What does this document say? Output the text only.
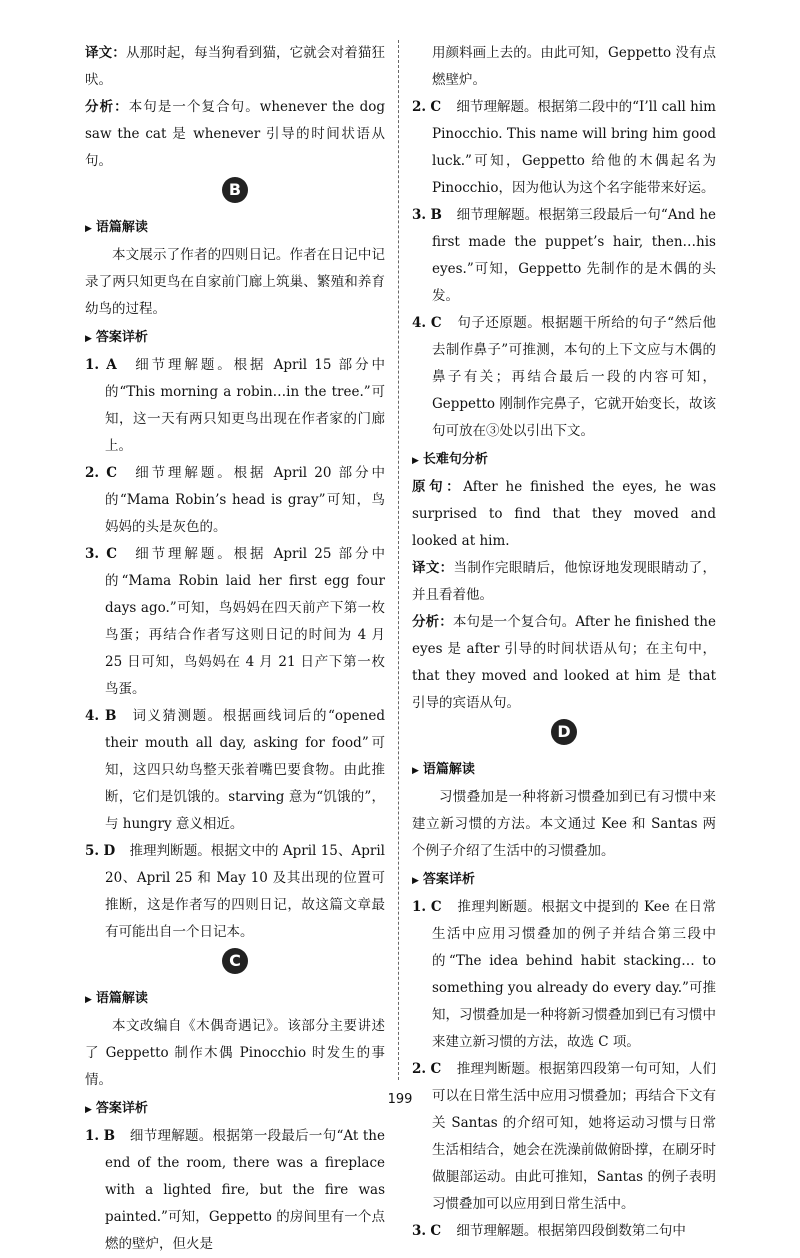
译文：从那时起，每当狗看到猫，它就会对着猫狂吠。

分析：本句是一个复合句。whenever the dog saw the cat 是 whenever 引导的时间状语从句。

B
▶ 语篇解读

本文展示了作者的四则日记。作者在日记中记录了两只知更鸟在自家前门廊上筑巢、繁殖和养育幼鸟的过程。

▶ 答案详析

1. A 细节理解题。根据 April 15 部分中的“This morning a robin…in the tree.”可知，这一天有两只知更鸟出现在作者家的门廊上。

2. C 细节理解题。根据 April 20 部分中的“Mama Robin’s head is gray”可知，鸟妈妈的头是灰色的。

3. C 细节理解题。根据 April 25 部分中的“Mama Robin laid her first egg four days ago.”可知，鸟妈妈在四天前产下第一枚鸟蛋；再结合作者写这则日记的时间为 4 月 25 日可知，鸟妈妈在 4 月 21 日产下第一枚鸟蛋。

4. B 词义猜测题。根据画线词后的“opened their mouth all day, asking for food”可知，这四只幼鸟整天张着嘴巴要食物。由此推断，它们是饥饿的。starving 意为“饥饿的”，与 hungry 意义相近。

5. D 推理判断题。根据文中的 April 15、April 20、April 25 和 May 10 及其出现的位置可推断，这是作者写的四则日记，故这篇文章最有可能出自一个日记本。

C
▶ 语篇解读

本文改编自《木偶奇遇记》。该部分主要讲述了 Geppetto 制作木偶 Pinocchio 时发生的事情。

▶ 答案详析

1. B 细节理解题。根据第一段最后一句“At the end of the room, there was a fireplace with a lighted fire, but the fire was painted.”可知，Geppetto 的房间里有一个点燃的壁炉，但火是

用颜料画上去的。由此可知，Geppetto 没有点燃壁炉。

2. C 细节理解题。根据第二段中的“I’ll call him Pinocchio. This name will bring him good luck.”可知，Geppetto 给他的木偶起名为 Pinocchio，因为他认为这个名字能带来好运。

3. B 细节理解题。根据第三段最后一句“And he first made the puppet’s hair, then…his eyes.”可知，Geppetto 先制作的是木偶的头发。

4. C 句子还原题。根据题干所给的句子“然后他去制作鼻子”可推测，本句的上下文应与木偶的鼻子有关；再结合最后一段的内容可知，Geppetto 刚制作完鼻子，它就开始变长，故该句可放在③处以引出下文。

▶ 长难句分析

原句：After he finished the eyes, he was surprised to find that they moved and looked at him.

译文：当制作完眼睛后，他惊讶地发现眼睛动了，并且看着他。

分析：本句是一个复合句。After he finished the eyes 是 after 引导的时间状语从句；在主句中，that they moved and looked at him 是 that 引导的宾语从句。

D
▶ 语篇解读

习惯叠加是一种将新习惯叠加到已有习惯中来建立新习惯的方法。本文通过 Kee 和 Santas 两个例子介绍了生活中的习惯叠加。

▶ 答案详析

1. C 推理判断题。根据文中提到的 Kee 在日常生活中应用习惯叠加的例子并结合第三段中的“The idea behind habit stacking… to something you already do every day.”可推知，习惯叠加是一种将新习惯叠加到已有习惯中来建立新习惯的方法，故选 C 项。

2. C 推理判断题。根据第四段第一句可知，人们可以在日常生活中应用习惯叠加；再结合下文有关 Santas 的介绍可知，她将运动习惯与日常生活相结合，她会在洗澡前做俯卧撑，在刷牙时做腿部运动。由此可推知，Santas 的例子表明习惯叠加可以应用到日常生活中。

3. C 细节理解题。根据第四段倒数第二句中

199
